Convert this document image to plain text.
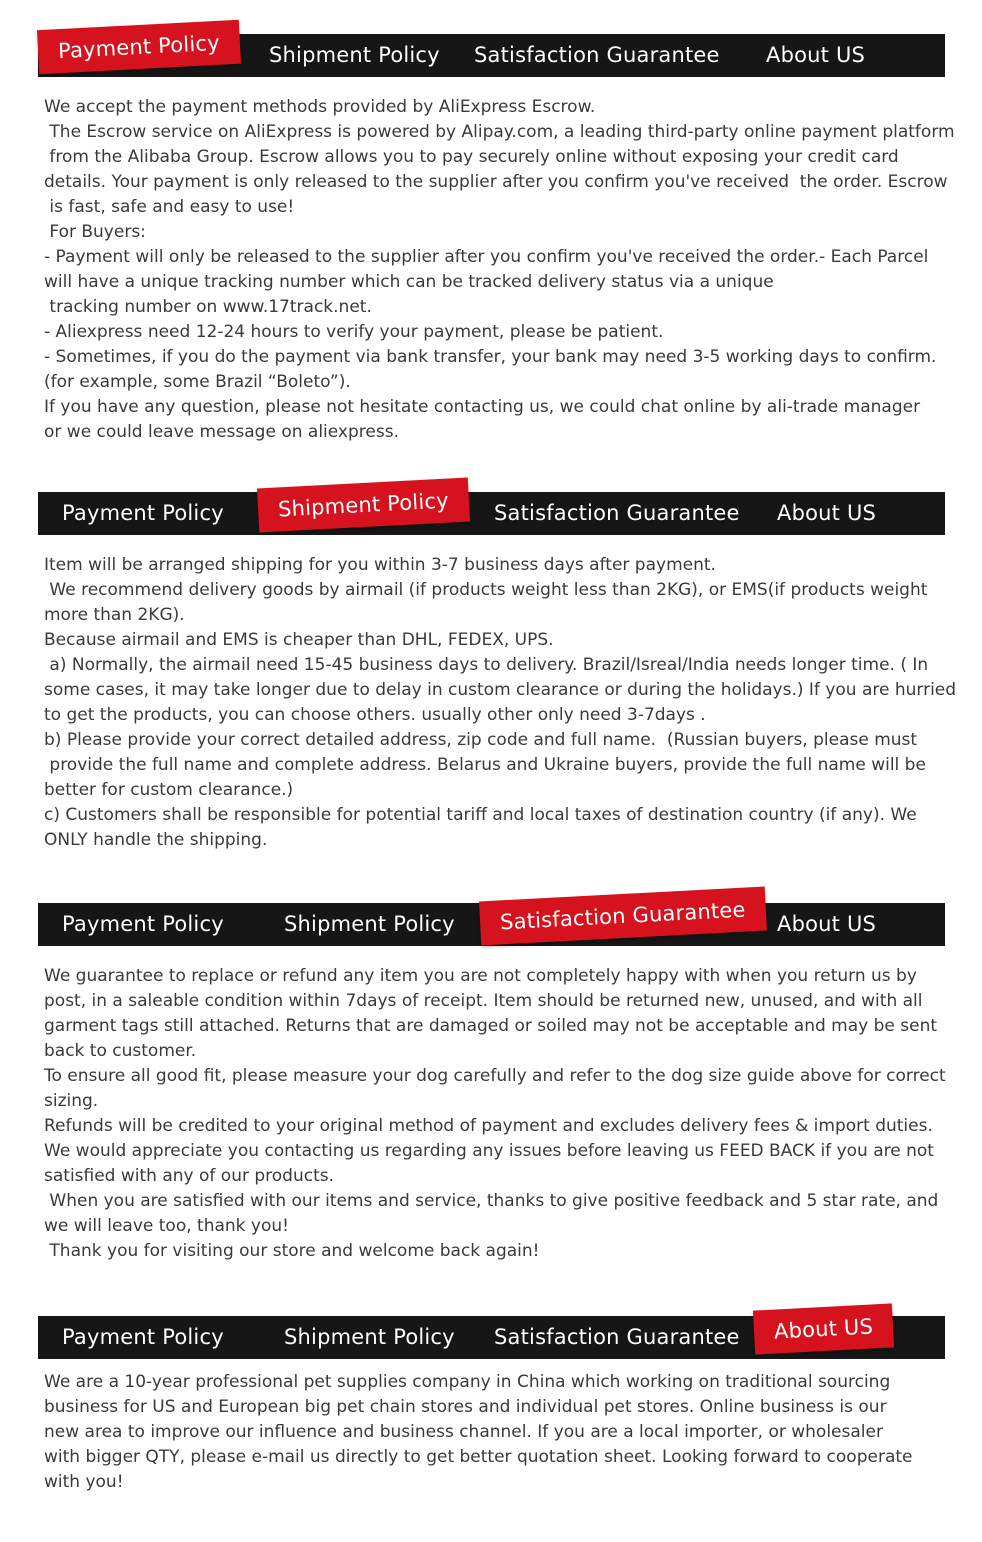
Payment Policy	Shipment Policy Satisfaction Guarantee About US
We accept the payment methods provided by AliExpress Escrow.
The Escrow service on AliExpress is powered by Alipay.com, a leading third-party online payment platform
from the Alibaba Group. Escrow allows you to pay securely online without exposing your credit card
details. Your payment is only released to the supplier after you confirm you've received  the order. Escrow
is fast, safe and easy to use!
For Buyers:
- Payment will only be released to the supplier after you confirm you've received the order.- Each Parcel
will have a unique tracking number which can be tracked delivery status via a unique
tracking number on www.17track.net.
- Aliexpress need 12-24 hours to verify your payment, please be patient.
- Sometimes, if you do the payment via bank transfer, your bank may need 3-5 working days to confirm.
(for example, some Brazil “Boleto”).
If you have any question, please not hesitate contacting us, we could chat online by ali-trade manager
or we could leave message on aliexpress.
Payment Policy	Shipment Policy	Satisfaction Guarantee About US
Item will be arranged shipping for you within 3-7 business days after payment.
We recommend delivery goods by airmail (if products weight less than 2KG), or EMS(if products weight
more than 2KG).
Because airmail and EMS is cheaper than DHL, FEDEX, UPS.
a) Normally, the airmail need 15-45 business days to delivery. Brazil/Isreal/India needs longer time. ( In
some cases, it may take longer due to delay in custom clearance or during the holidays.) If you are hurried
to get the products, you can choose others. usually other only need 3-7days .
b) Please provide your correct detailed address, zip code and full name.  (Russian buyers, please must
provide the full name and complete address. Belarus and Ukraine buyers, provide the full name will be
better for custom clearance.)
c) Customers shall be responsible for potential tariff and local taxes of destination country (if any). We
ONLY handle the shipping.
Payment Policy	Shipment Policy	Satisfaction Guarantee	About US
We guarantee to replace or refund any item you are not completely happy with when you return us by
post, in a saleable condition within 7days of receipt. Item should be returned new, unused, and with all
garment tags still attached. Returns that are damaged or soiled may not be acceptable and may be sent
back to customer.
To ensure all good fit, please measure your dog carefully and refer to the dog size guide above for correct
sizing.
Refunds will be credited to your original method of payment and excludes delivery fees & import duties.
We would appreciate you contacting us regarding any issues before leaving us FEED BACK if you are not
satisfied with any of our products.
When you are satisfied with our items and service, thanks to give positive feedback and 5 star rate, and
we will leave too, thank you!
Thank you for visiting our store and welcome back again!
Payment Policy	Shipment Policy Satisfaction Guarantee	About US
We are a 10-year professional pet supplies company in China which working on traditional sourcing
business for US and European big pet chain stores and individual pet stores. Online business is our
new area to improve our influence and business channel. If you are a local importer, or wholesaler
with bigger QTY, please e-mail us directly to get better quotation sheet. Looking forward to cooperate
with you!
